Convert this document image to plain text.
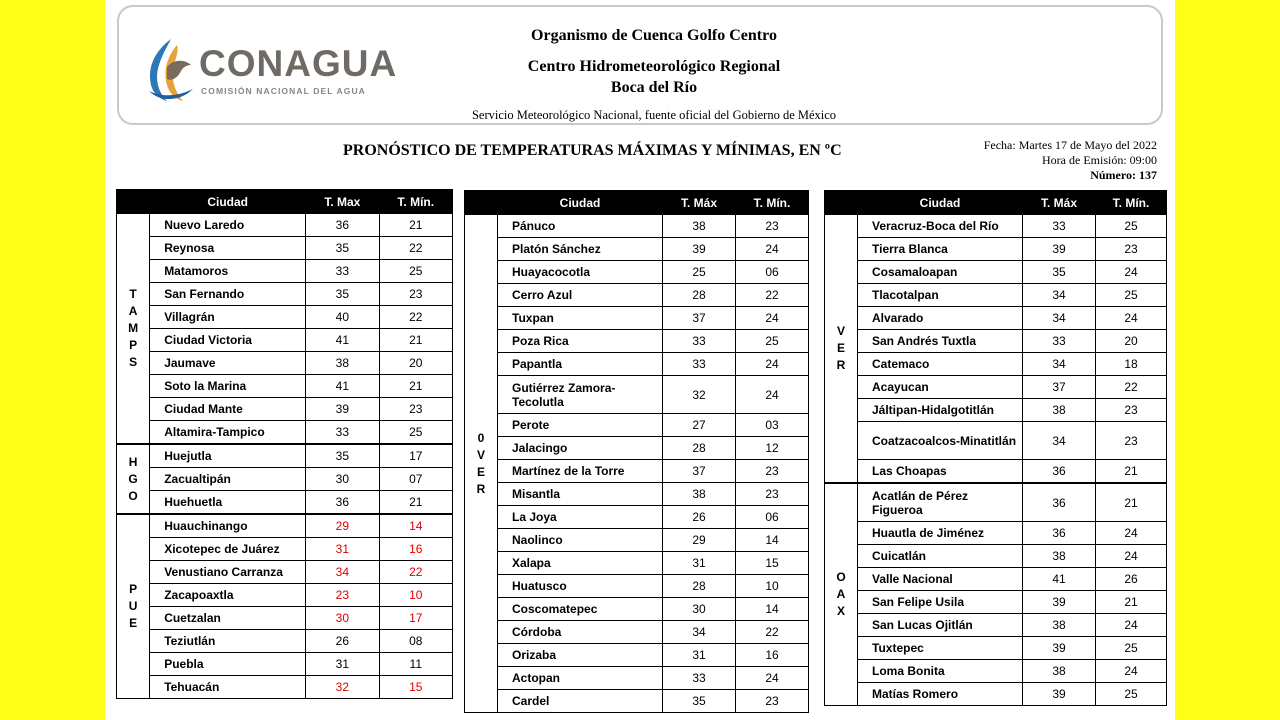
CONAGUA
COMISIÓN NACIONAL DEL AGUA
Organismo de Cuenca Golfo Centro
Centro Hidrometeorológico Regional
Boca del Río
Servicio Meteorológico Nacional, fuente oficial del Gobierno de México
PRONÓSTICO DE TEMPERATURAS MÁXIMAS Y MÍNIMAS, EN ºC	Fecha: Martes 17 de Mayo del 2022
Hora de Emisión: 09:00
Número: 137
	Ciudad	T. Max	T. Mín.
T
A
M
P
S	Nuevo Laredo	36	21
	Reynosa	35	22
	Matamoros	33	25
	San Fernando	35	23
	Villagrán	40	22
	Ciudad Victoria	41	21
	Jaumave	38	20
	Soto la Marina	41	21
	Ciudad Mante	39	23
	Altamira-Tampico	33	25
H
G
O	Huejutla	35	17
	Zacualtipán	30	07
	Huehuetla	36	21
P
U
E	Huauchinango	29	14
	Xicotepec de Juárez	31	16
	Venustiano Carranza	34	22
	Zacapoaxtla	23	10
	Cuetzalan	30	17
	Teziutlán	26	08
	Puebla	31	11
	Tehuacán	32	15
	Ciudad	T. Máx	T. Mín.
0
V
E
R	Pánuco	38	23
	Platón Sánchez	39	24
	Huayacocotla	25	06
	Cerro Azul	28	22
	Tuxpan	37	24
	Poza Rica	33	25
	Papantla	33	24
	Gutiérrez Zamora-Tecolutla	32	24
	Perote	27	03
	Jalacingo	28	12
	Martínez de la Torre	37	23
	Misantla	38	23
	La Joya	26	06
	Naolinco	29	14
	Xalapa	31	15
	Huatusco	28	10
	Coscomatepec	30	14
	Córdoba	34	22
	Orizaba	31	16
	Actopan	33	24
	Cardel	35	23
	Ciudad	T. Máx	T. Mín.
V
E
R	Veracruz-Boca del Río	33	25
	Tierra Blanca	39	23
	Cosamaloapan	35	24
	Tlacotalpan	34	25
	Alvarado	34	24
	San Andrés Tuxtla	33	20
	Catemaco	34	18
	Acayucan	37	22
	Jáltipan-Hidalgotitlán	38	23
	Coatzacoalcos-Minatitlán	34	23
	Las Choapas	36	21
O
A
X	Acatlán de Pérez Figueroa	36	21
	Huautla de Jiménez	36	24
	Cuicatlán	38	24
	Valle Nacional	41	26
	San Felipe Usila	39	21
	San Lucas Ojitlán	38	24
	Tuxtepec	39	25
	Loma Bonita	38	24
	Matías Romero	39	25
